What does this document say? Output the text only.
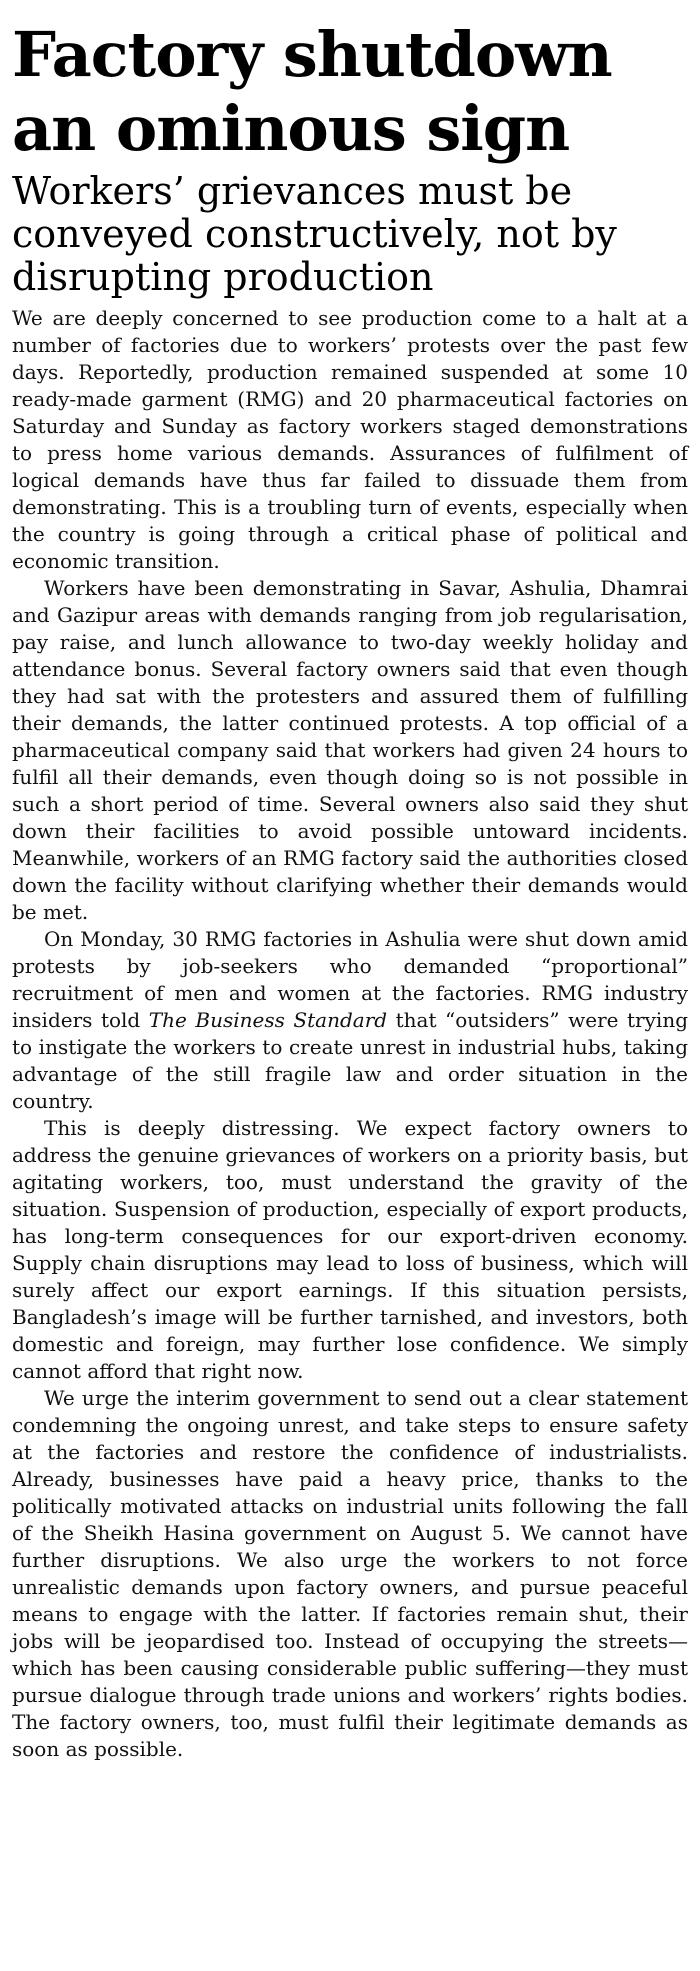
Factory shutdown an ominous sign
Workers’ grievances must be conveyed constructively, not by disrupting production

We are deeply concerned to see production come to a halt at a number of factories due to workers’ protests over the past few days. Reportedly, production remained suspended at some 10 ready-made garment (RMG) and 20 pharmaceutical factories on Saturday and Sunday as factory workers staged demonstrations to press home various demands. Assurances of fulfilment of logical demands have thus far failed to dissuade them from demonstrating. This is a troubling turn of events, especially when the country is going through a critical phase of political and economic transition.

Workers have been demonstrating in Savar, Ashulia, Dhamrai and Gazipur areas with demands ranging from job regularisation, pay raise, and lunch allowance to two-day weekly holiday and attendance bonus. Several factory owners said that even though they had sat with the protesters and assured them of fulfilling their demands, the latter continued protests. A top official of a pharmaceutical company said that workers had given 24 hours to fulfil all their demands, even though doing so is not possible in such a short period of time. Several owners also said they shut down their facilities to avoid possible untoward incidents. Meanwhile, workers of an RMG factory said the authorities closed down the facility without clarifying whether their demands would be met.

On Monday, 30 RMG factories in Ashulia were shut down amid protests by job-seekers who demanded “proportional” recruitment of men and women at the factories. RMG industry insiders told The Business Standard that “outsiders” were trying to instigate the workers to create unrest in industrial hubs, taking advantage of the still fragile law and order situation in the country.

This is deeply distressing. We expect factory owners to address the genuine grievances of workers on a priority basis, but agitating workers, too, must understand the gravity of the situation. Suspension of production, especially of export products, has long-term consequences for our export-driven economy. Supply chain disruptions may lead to loss of business, which will surely affect our export earnings. If this situation persists, Bangladesh’s image will be further tarnished, and investors, both domestic and foreign, may further lose confidence. We simply cannot afford that right now.

We urge the interim government to send out a clear statement condemning the ongoing unrest, and take steps to ensure safety at the factories and restore the confidence of industrialists. Already, businesses have paid a heavy price, thanks to the politically motivated attacks on industrial units following the fall of the Sheikh Hasina government on August 5. We cannot have further disruptions. We also urge the workers to not force unrealistic demands upon factory owners, and pursue peaceful means to engage with the latter. If factories remain shut, their jobs will be jeopardised too. Instead of occupying the streets—which has been causing considerable public suffering—they must pursue dialogue through trade unions and workers’ rights bodies. The factory owners, too, must fulfil their legitimate demands as soon as possible.
